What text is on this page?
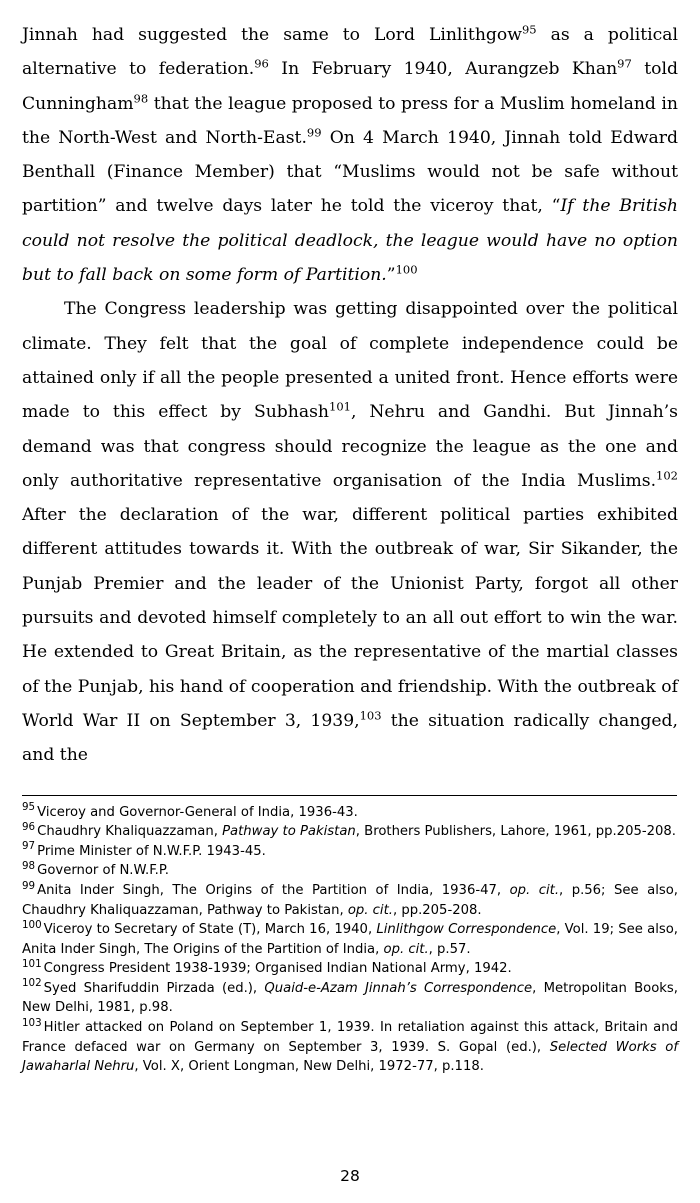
Jinnah had suggested the same to Lord Linlithgow$^{95}$ as a political alternative to federation.$^{96}$ In February 1940, Aurangzeb Khan$^{97}$ told Cunningham$^{98}$ that the league proposed to press for a Muslim homeland in the North-West and North-East.$^{99}$ On 4 March 1940, Jinnah told Edward Benthall (Finance Member) that “Muslims would not be safe without partition” and twelve days later he told the viceroy that, “If the British could not resolve the political deadlock, the league would have no option but to fall back on some form of Partition.”$^{100}$

The Congress leadership was getting disappointed over the political climate. They felt that the goal of complete independence could be attained only if all the people presented a united front. Hence efforts were made to this effect by Subhash$^{101}$, Nehru and Gandhi. But Jinnah’s demand was that congress should recognize the league as the one and only authoritative representative organisation of the India Muslims.$^{102}$ After the declaration of the war, different political parties exhibited different attitudes towards it. With the outbreak of war, Sir Sikander, the Punjab Premier and the leader of the Unionist Party, forgot all other pursuits and devoted himself completely to an all out effort to win the war. He extended to Great Britain, as the representative of the martial classes of the Punjab, his hand of cooperation and friendship. With the outbreak of World War II on September 3, 1939,$^{103}$ the situation radically changed, and the

$^{95}$ Viceroy and Governor-General of India, 1936-43.

$^{96}$ Chaudhry Khaliquazzaman, Pathway to Pakistan, Brothers Publishers, Lahore, 1961, pp.205-208.

$^{97}$ Prime Minister of N.W.F.P. 1943-45.

$^{98}$ Governor of N.W.F.P.

$^{99}$ Anita Inder Singh, The Origins of the Partition of India, 1936-47, op. cit., p.56; See also, Chaudhry Khaliquazzaman, Pathway to Pakistan, op. cit., pp.205-208.

$^{100}$ Viceroy to Secretary of State (T), March 16, 1940, Linlithgow Correspondence, Vol. 19; See also, Anita Inder Singh, The Origins of the Partition of India, op. cit., p.57.

$^{101}$ Congress President 1938-1939; Organised Indian National Army, 1942.

$^{102}$ Syed Sharifuddin Pirzada (ed.), Quaid-e-Azam Jinnah’s Correspondence, Metropolitan Books, New Delhi, 1981, p.98.

$^{103}$ Hitler attacked on Poland on September 1, 1939. In retaliation against this attack, Britain and France defaced war on Germany on September 3, 1939. S. Gopal (ed.), Selected Works of Jawaharlal Nehru, Vol. X, Orient Longman, New Delhi, 1972-77, p.118.

28
